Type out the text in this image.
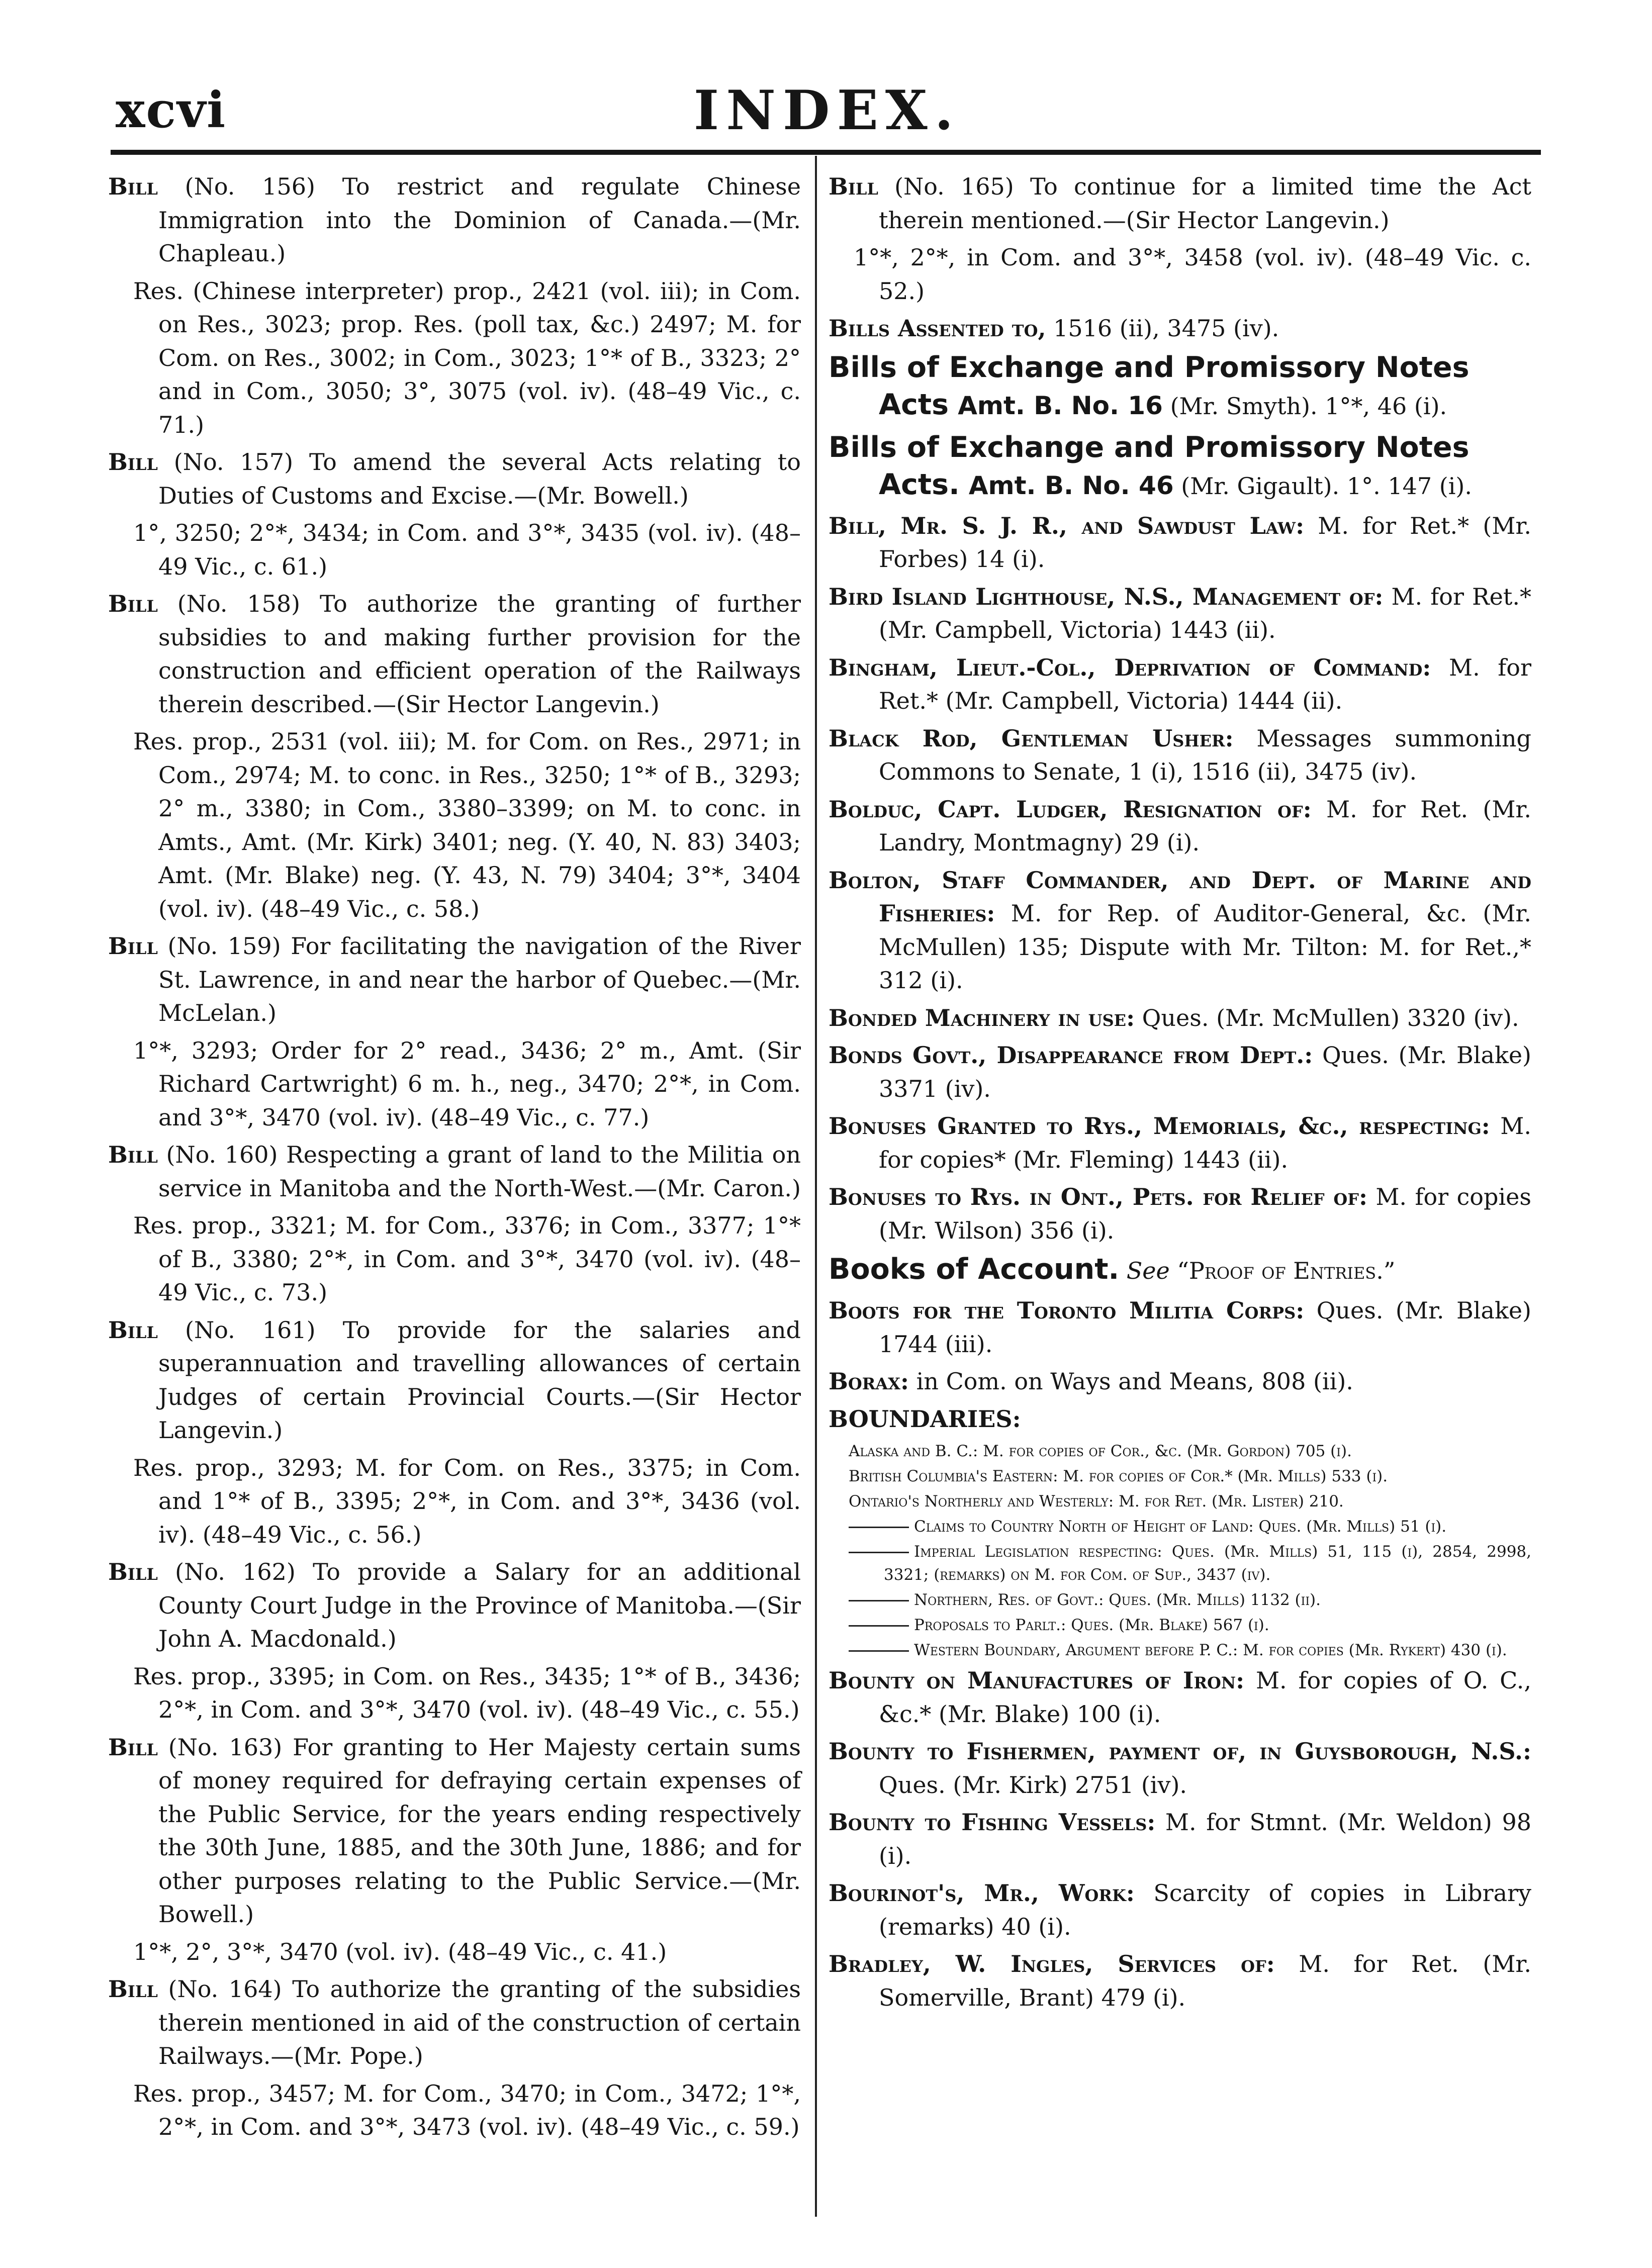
xcvi	INDEX.
Bill (No. 156) To restrict and regulate Chinese Immigration into the Dominion of Canada.—(Mr. Chapleau.)
Res. (Chinese interpreter) prop., 2421 (vol. iii); in Com. on Res., 3023; prop. Res. (poll tax, &c.) 2497; M. for Com. on Res., 3002; in Com., 3023; 1°* of B., 3323; 2° and in Com., 3050; 3°, 3075 (vol. iv). (48–49 Vic., c. 71.)
Bill (No. 157) To amend the several Acts relating to Duties of Customs and Excise.—(Mr. Bowell.)
1°, 3250; 2°*, 3434; in Com. and 3°*, 3435 (vol. iv). (48–49 Vic., c. 61.)
Bill (No. 158) To authorize the granting of further subsidies to and making further provision for the construction and efficient operation of the Railways therein described.—(Sir Hector Langevin.)
Res. prop., 2531 (vol. iii); M. for Com. on Res., 2971; in Com., 2974; M. to conc. in Res., 3250; 1°* of B., 3293; 2° m., 3380; in Com., 3380–3399; on M. to conc. in Amts., Amt. (Mr. Kirk) 3401; neg. (Y. 40, N. 83) 3403; Amt. (Mr. Blake) neg. (Y. 43, N. 79) 3404; 3°*, 3404 (vol. iv). (48–49 Vic., c. 58.)
Bill (No. 159) For facilitating the navigation of the River St. Lawrence, in and near the harbor of Quebec.—(Mr. McLelan.)
1°*, 3293; Order for 2° read., 3436; 2° m., Amt. (Sir Richard Cartwright) 6 m. h., neg., 3470; 2°*, in Com. and 3°*, 3470 (vol. iv). (48–49 Vic., c. 77.)
Bill (No. 160) Respecting a grant of land to the Militia on service in Manitoba and the North-West.—(Mr. Caron.)
Res. prop., 3321; M. for Com., 3376; in Com., 3377; 1°* of B., 3380; 2°*, in Com. and 3°*, 3470 (vol. iv). (48–49 Vic., c. 73.)
Bill (No. 161) To provide for the salaries and superannuation and travelling allowances of certain Judges of certain Provincial Courts.—(Sir Hector Langevin.)
Res. prop., 3293; M. for Com. on Res., 3375; in Com. and 1°* of B., 3395; 2°*, in Com. and 3°*, 3436 (vol. iv). (48–49 Vic., c. 56.)
Bill (No. 162) To provide a Salary for an additional County Court Judge in the Province of Manitoba.—(Sir John A. Macdonald.)
Res. prop., 3395; in Com. on Res., 3435; 1°* of B., 3436; 2°*, in Com. and 3°*, 3470 (vol. iv). (48–49 Vic., c. 55.)
Bill (No. 163) For granting to Her Majesty certain sums of money required for defraying certain expenses of the Public Service, for the years ending respectively the 30th June, 1885, and the 30th June, 1886; and for other purposes relating to the Public Service.—(Mr. Bowell.)
1°*, 2°, 3°*, 3470 (vol. iv). (48–49 Vic., c. 41.)
Bill (No. 164) To authorize the granting of the subsidies therein mentioned in aid of the construction of certain Railways.—(Mr. Pope.)
Res. prop., 3457; M. for Com., 3470; in Com., 3472; 1°*, 2°*, in Com. and 3°*, 3473 (vol. iv). (48–49 Vic., c. 59.)
Bill (No. 165) To continue for a limited time the Act therein mentioned.—(Sir Hector Langevin.)
1°*, 2°*, in Com. and 3°*, 3458 (vol. iv). (48–49 Vic. c. 52.)
Bills Assented to, 1516 (ii), 3475 (iv).
Bills of Exchange and Promissory Notes Acts Amt. B. No. 16 (Mr. Smyth). 1°*, 46 (i).
Bills of Exchange and Promissory Notes Acts. Amt. B. No. 46 (Mr. Gigault). 1°. 147 (i).
Bill, Mr. S. J. R., and Sawdust Law: M. for Ret.* (Mr. Forbes) 14 (i).
Bird Island Lighthouse, N.S., Management of: M. for Ret.* (Mr. Campbell, Victoria) 1443 (ii).
Bingham, Lieut.-Col., Deprivation of Command: M. for Ret.* (Mr. Campbell, Victoria) 1444 (ii).
Black Rod, Gentleman Usher: Messages summoning Commons to Senate, 1 (i), 1516 (ii), 3475 (iv).
Bolduc, Capt. Ludger, Resignation of: M. for Ret. (Mr. Landry, Montmagny) 29 (i).
Bolton, Staff Commander, and Dept. of Marine and Fisheries: M. for Rep. of Auditor-General, &c. (Mr. McMullen) 135; Dispute with Mr. Tilton: M. for Ret.,* 312 (i).
Bonded Machinery in use: Ques. (Mr. McMullen) 3320 (iv).
Bonds Govt., Disappearance from Dept.: Ques. (Mr. Blake) 3371 (iv).
Bonuses Granted to Rys., Memorials, &c., respecting: M. for copies* (Mr. Fleming) 1443 (ii).
Bonuses to Rys. in Ont., Pets. for Relief of: M. for copies (Mr. Wilson) 356 (i).
Books of Account. See “Proof of Entries.”
Boots for the Toronto Militia Corps: Ques. (Mr. Blake) 1744 (iii).
Borax: in Com. on Ways and Means, 808 (ii).
BOUNDARIES:
Alaska and B. C.: M. for copies of Cor., &c. (Mr. Gordon) 705 (i).
British Columbia's Eastern: M. for copies of Cor.* (Mr. Mills) 533 (i).
Ontario's Northerly and Westerly: M. for Ret. (Mr. Lister) 210.
Claims to Country North of Height of Land: Ques. (Mr. Mills) 51 (i).
Imperial Legislation respecting: Ques. (Mr. Mills) 51, 115 (i), 2854, 2998, 3321; (remarks) on M. for Com. of Sup., 3437 (iv).
Northern, Res. of Govt.: Ques. (Mr. Mills) 1132 (ii).
Proposals to Parlt.: Ques. (Mr. Blake) 567 (i).
Western Boundary, Argument before P. C.: M. for copies (Mr. Rykert) 430 (i).
Bounty on Manufactures of Iron: M. for copies of O. C., &c.* (Mr. Blake) 100 (i).
Bounty to Fishermen, payment of, in Guysborough, N.S.: Ques. (Mr. Kirk) 2751 (iv).
Bounty to Fishing Vessels: M. for Stmnt. (Mr. Weldon) 98 (i).
Bourinot's, Mr., Work: Scarcity of copies in Library (remarks) 40 (i).
Bradley, W. Ingles, Services of: M. for Ret. (Mr. Somerville, Brant) 479 (i).
